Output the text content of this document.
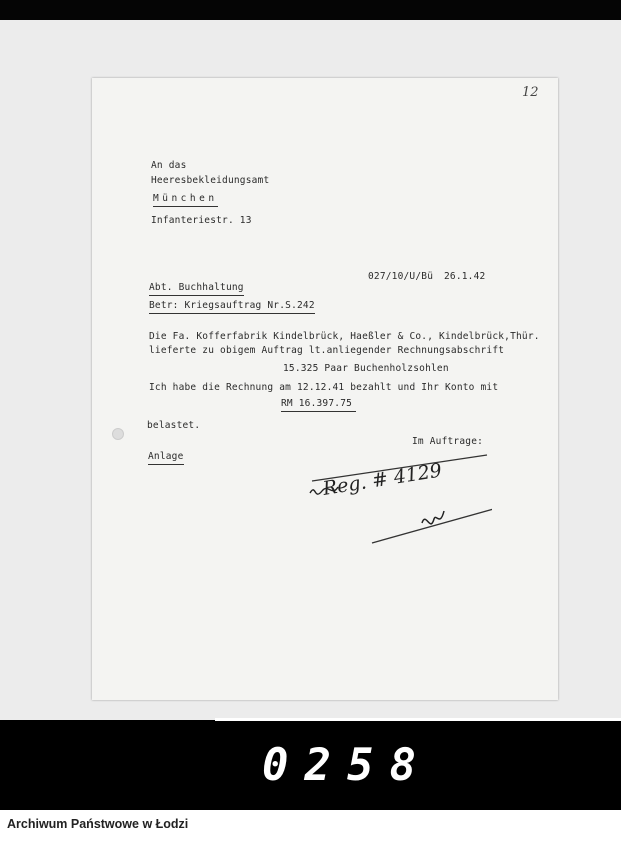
12
An das
Heeresbekleidungsamt
München
Infanteriestr. 13
027/10/U/Bü 26.1.42
Abt. Buchhaltung
Betr: Kriegsauftrag Nr.S.242
Die Fa. Kofferfabrik Kindelbrück, Haeßler & Co., Kindelbrück,Thür.
lieferte zu obigem Auftrag lt.anliegender Rechnungsabschrift
15.325 Paar Buchenholzsohlen
Ich habe die Rechnung am 12.12.41 bezahlt und Ihr Konto mit
RM 16.397.75
belastet.
Im Auftrage:
Anlage
Reg. # 4129
0258
Archiwum Państwowe w Łodzi
